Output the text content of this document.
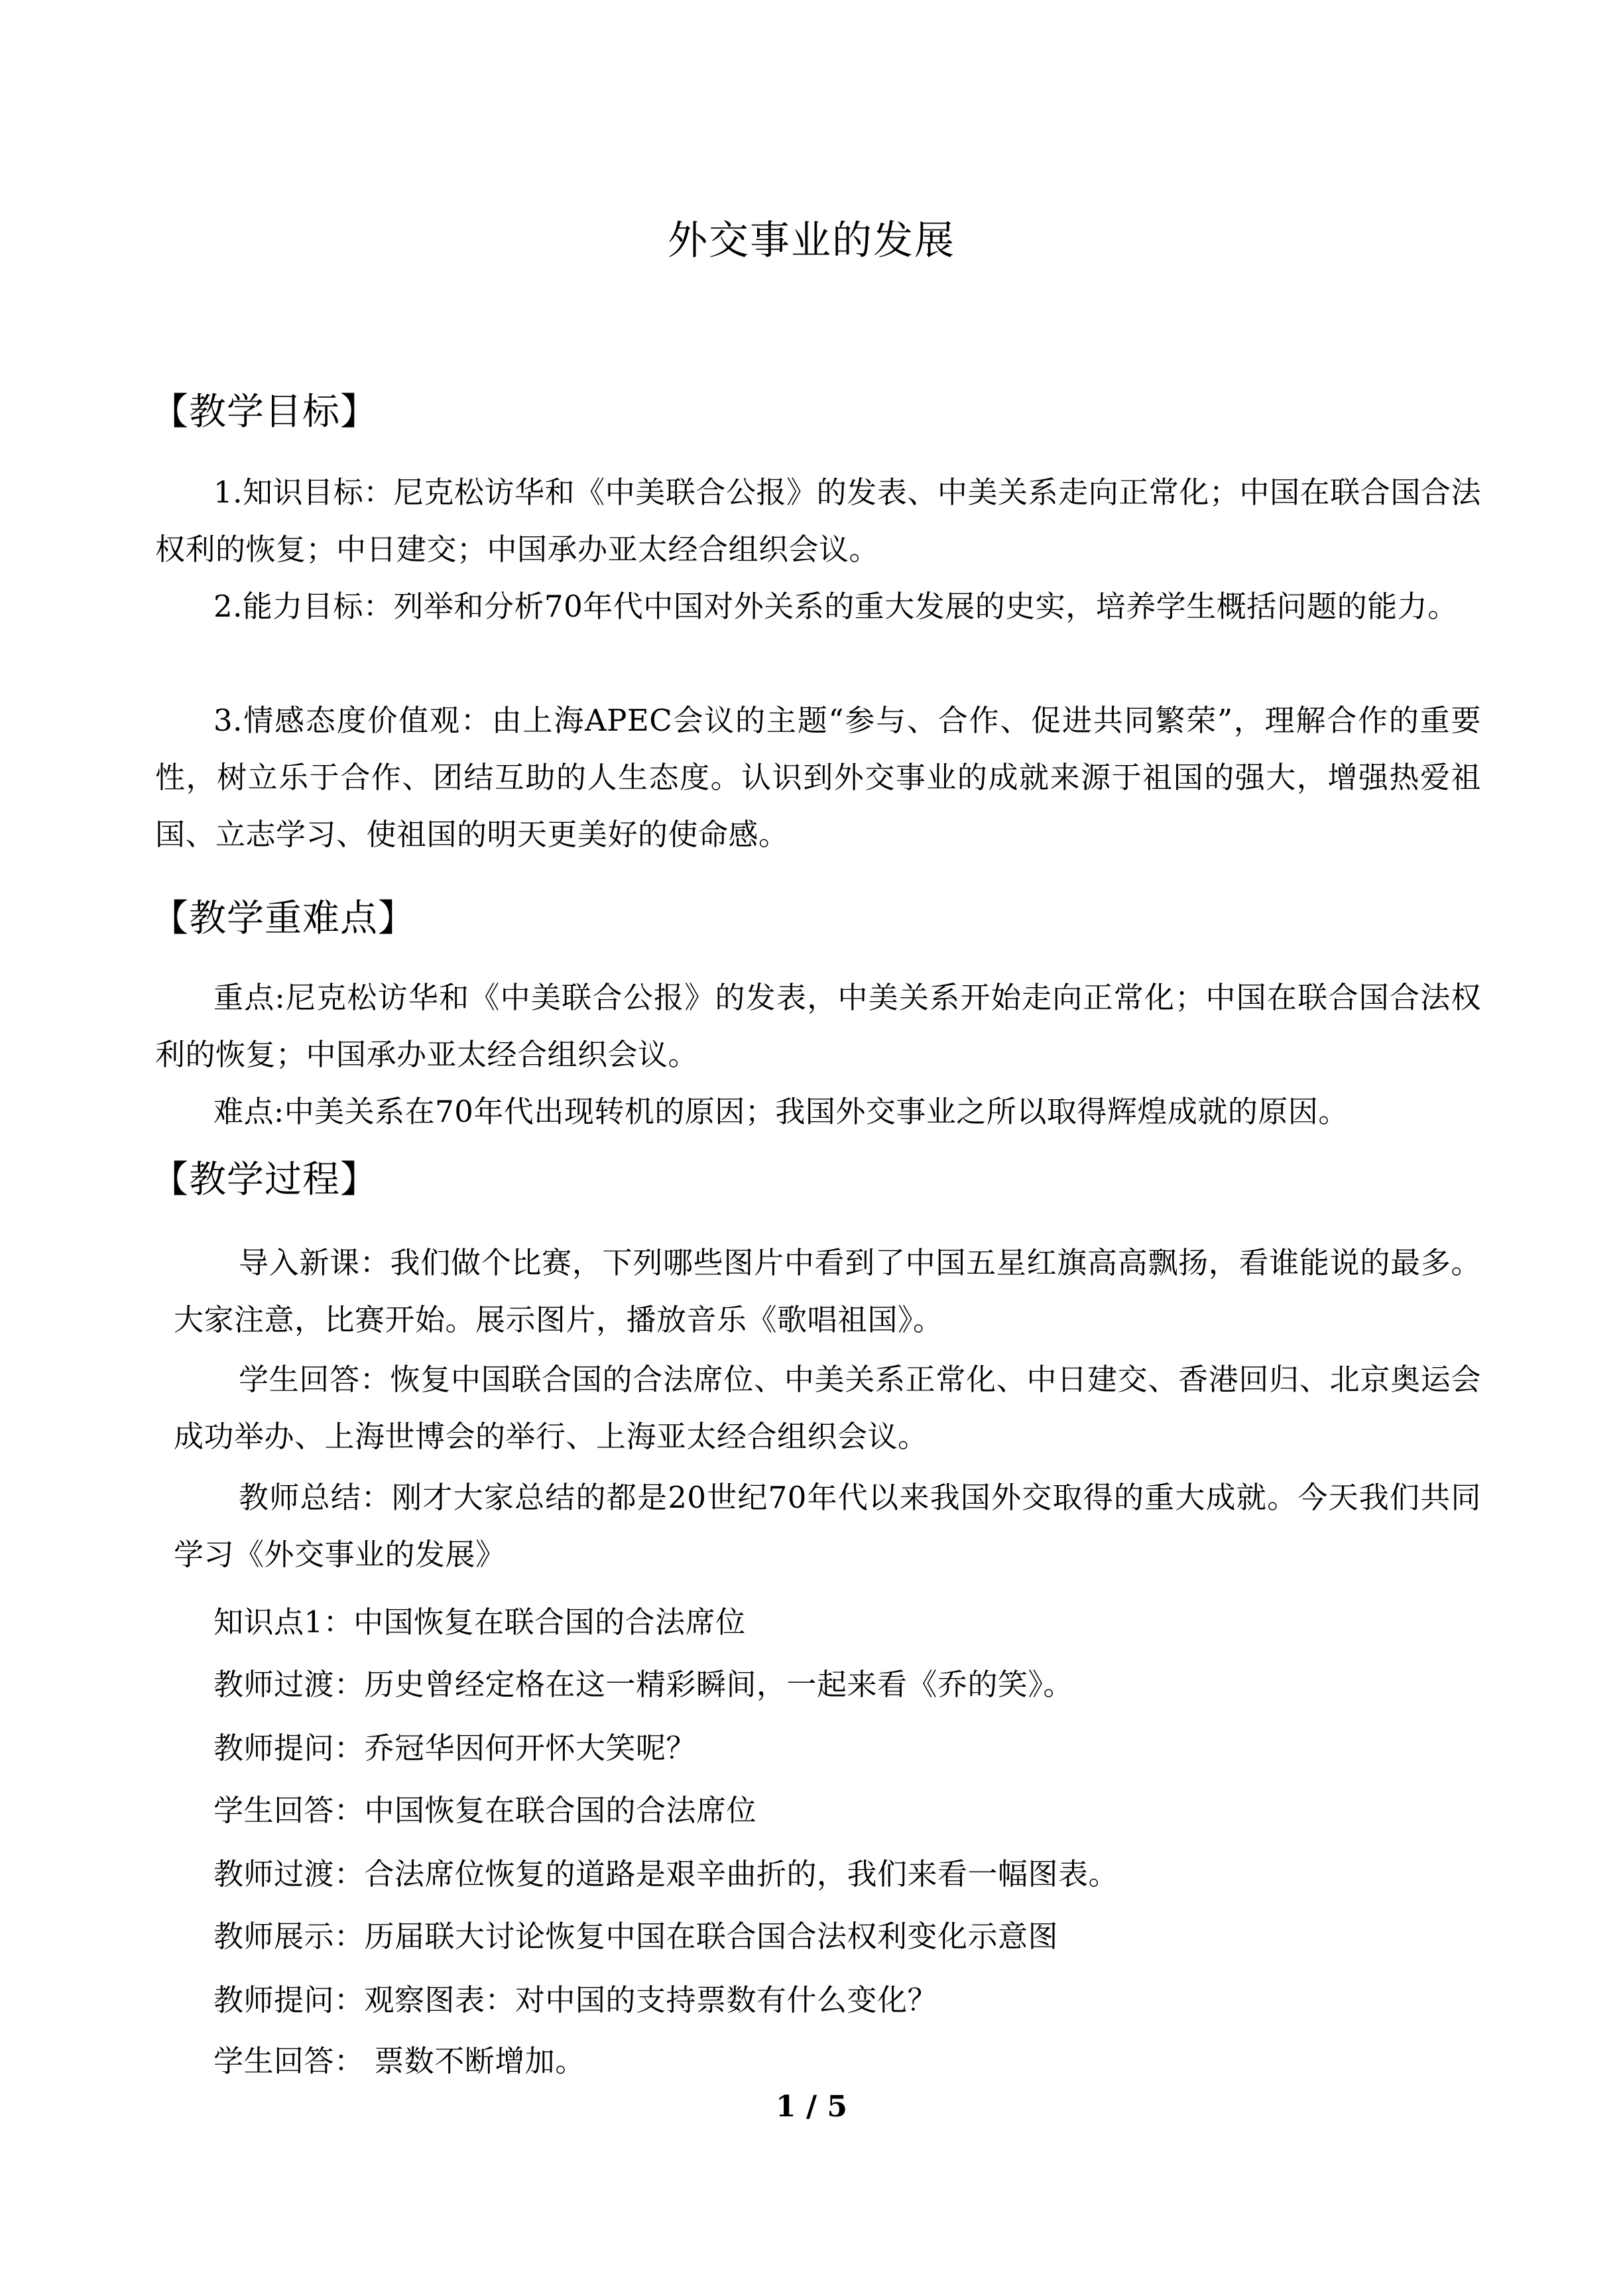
外交事业的发展
【教学目标】
1.知识目标：尼克松访华和《中美联合公报》的发表、中美关系走向正常化；中国在联合国合法权利的恢复；中日建交；中国承办亚太经合组织会议。
2.能力目标：列举和分析70年代中国对外关系的重大发展的史实，培养学生概括问题的能力。
3.情感态度价值观：由上海APEC会议的主题“参与、合作、促进共同繁荣”，理解合作的重要性，树立乐于合作、团结互助的人生态度。认识到外交事业的成就来源于祖国的强大，增强热爱祖国、立志学习、使祖国的明天更美好的使命感。
【教学重难点】
重点:尼克松访华和《中美联合公报》的发表，中美关系开始走向正常化；中国在联合国合法权利的恢复；中国承办亚太经合组织会议。
难点:中美关系在70年代出现转机的原因；我国外交事业之所以取得辉煌成就的原因。
【教学过程】
导入新课：我们做个比赛，下列哪些图片中看到了中国五星红旗高高飘扬，看谁能说的最多。大家注意，比赛开始。展示图片，播放音乐《歌唱祖国》。
学生回答：恢复中国联合国的合法席位、中美关系正常化、中日建交、香港回归、北京奥运会成功举办、上海世博会的举行、上海亚太经合组织会议。
教师总结：刚才大家总结的都是20世纪70年代以来我国外交取得的重大成就。今天我们共同学习《外交事业的发展》
知识点1：中国恢复在联合国的合法席位
教师过渡：历史曾经定格在这一精彩瞬间，一起来看《乔的笑》。
教师提问：乔冠华因何开怀大笑呢？
学生回答：中国恢复在联合国的合法席位
教师过渡：合法席位恢复的道路是艰辛曲折的，我们来看一幅图表。
教师展示：历届联大讨论恢复中国在联合国合法权利变化示意图
教师提问：观察图表：对中国的支持票数有什么变化？
学生回答： 票数不断增加。
1 / 5
